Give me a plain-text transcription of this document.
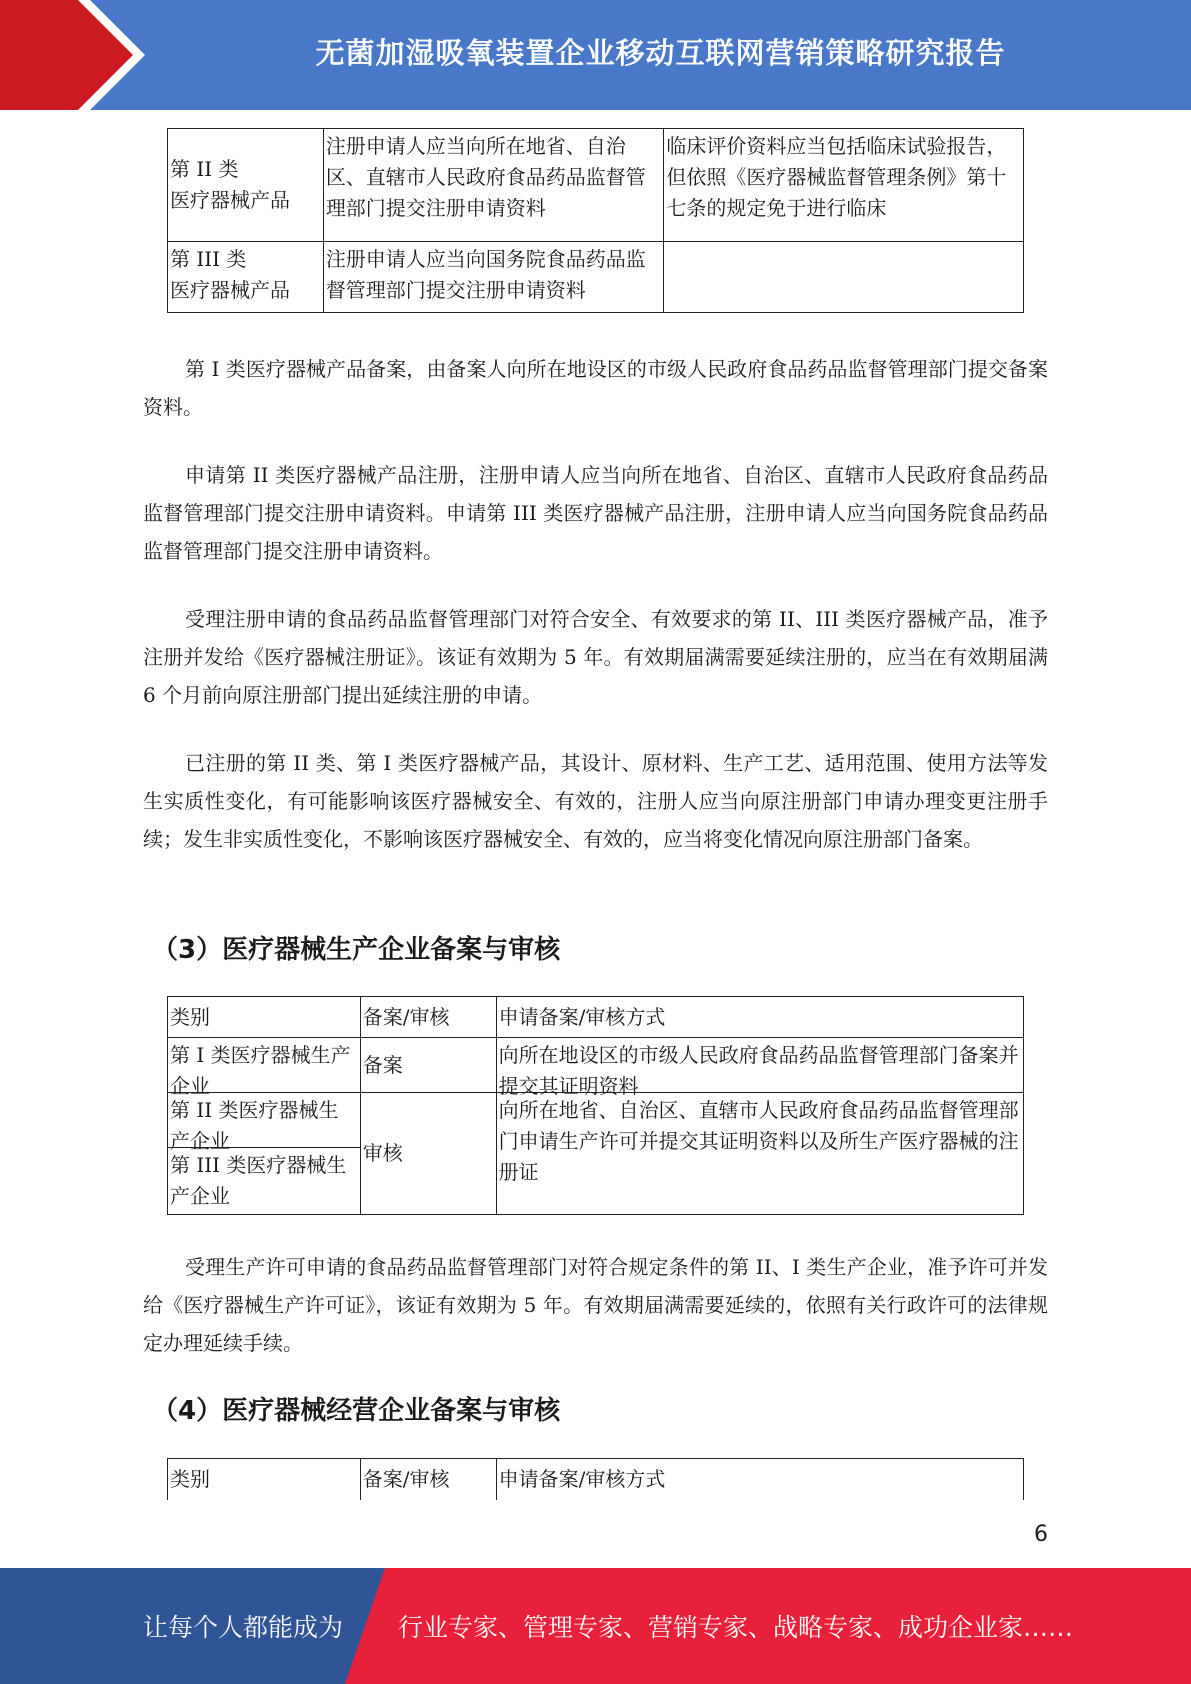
无菌加湿吸氧装置企业移动互联网营销策略研究报告
第 II 类
医疗器械产品	注册申请人应当向所在地省、自治区、直辖市人民政府食品药品监督管理部门提交注册申请资料	临床评价资料应当包括临床试验报告，但依照《医疗器械监督管理条例》第十七条的规定免于进行临床

第 III 类
医疗器械产品	注册申请人应当向国务院食品药品监督管理部门提交注册申请资料	

第 I 类医疗器械产品备案，由备案人向所在地设区的市级人民政府食品药品监督管理部门提交备案资料。

申请第 II 类医疗器械产品注册，注册申请人应当向所在地省、自治区、直辖市人民政府食品药品监督管理部门提交注册申请资料。申请第 III 类医疗器械产品注册，注册申请人应当向国务院食品药品监督管理部门提交注册申请资料。

受理注册申请的食品药品监督管理部门对符合安全、有效要求的第 II、III 类医疗器械产品，准予注册并发给《医疗器械注册证》。该证有效期为 5 年。有效期届满需要延续注册的，应当在有效期届满 6 个月前向原注册部门提出延续注册的申请。

已注册的第 II 类、第 I 类医疗器械产品，其设计、原材料、生产工艺、适用范围、使用方法等发生实质性变化，有可能影响该医疗器械安全、有效的，注册人应当向原注册部门申请办理变更注册手续；发生非实质性变化，不影响该医疗器械安全、有效的，应当将变化情况向原注册部门备案。

（3）医疗器械生产企业备案与审核
类别	备案/审核	申请备案/审核方式

第 I 类医疗器械生产企业	备案	向所在地设区的市级人民政府食品药品监督管理部门备案并提交其证明资料

第 II 类医疗器械生产企业	审核	向所在地省、自治区、直辖市人民政府食品药品监督管理部门申请生产许可并提交其证明资料以及所生产医疗器械的注册证
第 III 类医疗器械生产企业		

受理生产许可申请的食品药品监督管理部门对符合规定条件的第 II、I 类生产企业，准予许可并发给《医疗器械生产许可证》，该证有效期为 5 年。有效期届满需要延续的，依照有关行政许可的法律规定办理延续手续。

（4）医疗器械经营企业备案与审核
类别	备案/审核	申请备案/审核方式
6
让每个人都能成为 行业专家、管理专家、营销专家、战略专家、成功企业家……
